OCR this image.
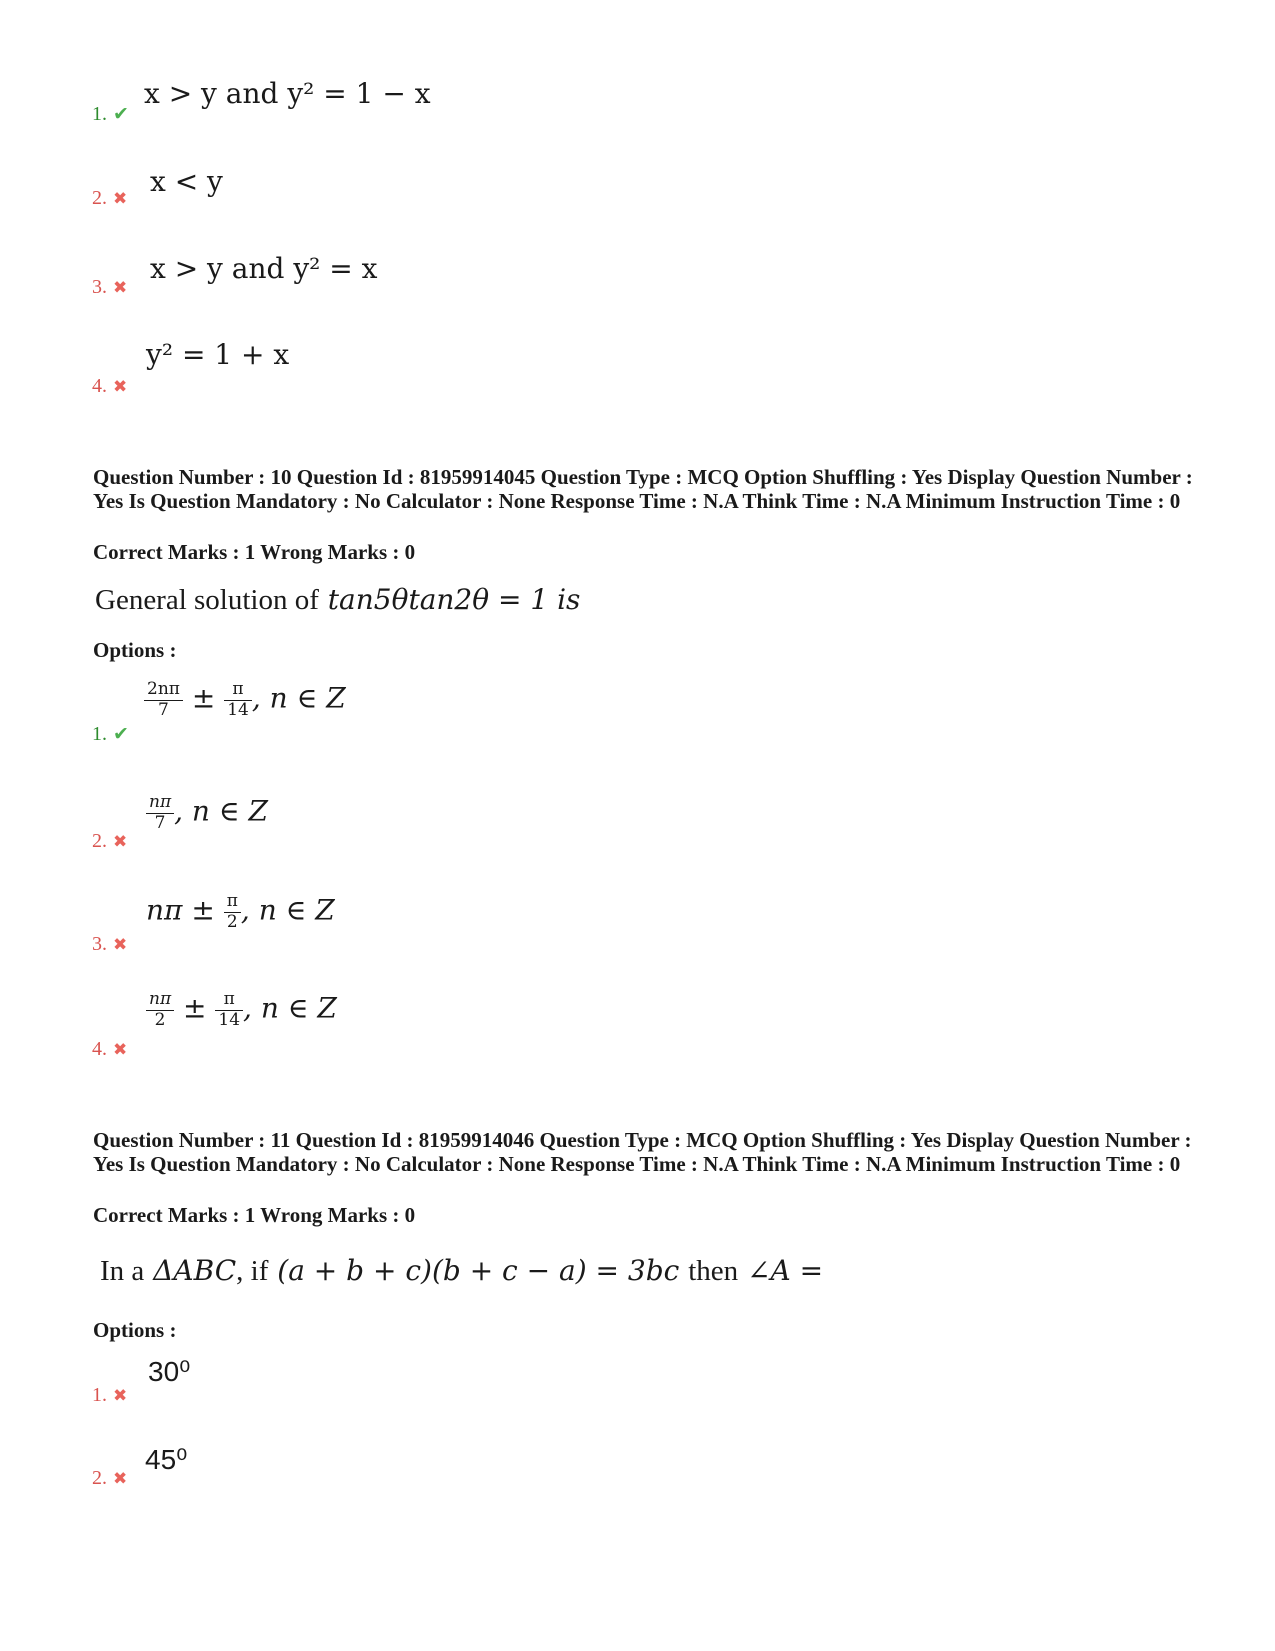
x > y and y² = 1 − x
1. ✔
x < y
2. ✖
x > y and y² = x
3. ✖
y² = 1 + x
4. ✖
Question Number : 10 Question Id : 81959914045 Question Type : MCQ Option Shuffling : Yes Display Question Number : Yes Is Question Mandatory : No Calculator : None Response Time : N.A Think Time : N.A Minimum Instruction Time : 0
Correct Marks : 1 Wrong Marks : 0
General solution of tan5θtan2θ = 1 is
Options :
$\frac{2n\pi}{7} \pm \frac{\pi}{14}$ , n ∈ Z
1. ✔
$\frac{n\pi}{7}$ , n ∈ Z
2. ✖
$n\pi \pm \frac{\pi}{2}$ , n ∈ Z
3. ✖
$\frac{n\pi}{2} \pm \frac{\pi}{14}$ , n ∈ Z
4. ✖
Question Number : 11 Question Id : 81959914046 Question Type : MCQ Option Shuffling : Yes Display Question Number : Yes Is Question Mandatory : No Calculator : None Response Time : N.A Think Time : N.A Minimum Instruction Time : 0
Correct Marks : 1 Wrong Marks : 0
In a ΔABC, if (a + b + c)(b + c − a) = 3bc then ∠A =
Options :
30⁰
1. ✖
45⁰
2. ✖
